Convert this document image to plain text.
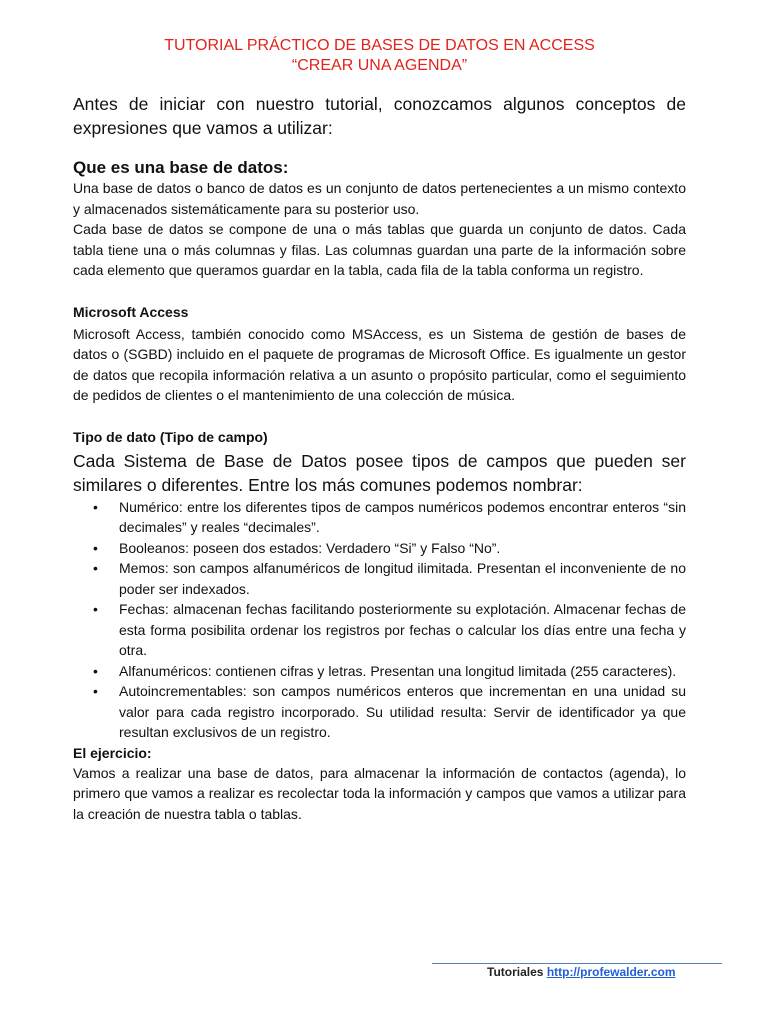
TUTORIAL PRÁCTICO DE BASES DE DATOS EN ACCESS
“CREAR UNA AGENDA”

Antes de iniciar con nuestro tutorial, conozcamos algunos conceptos de expresiones que vamos a utilizar:

Que es una base de datos:

Una base de datos o banco de datos es un conjunto de datos pertenecientes a un mismo contexto y almacenados sistemáticamente para su posterior uso.

Cada base de datos se compone de una o más tablas que guarda un conjunto de datos. Cada tabla tiene una o más columnas y filas. Las columnas guardan una parte de la información sobre cada elemento que queramos guardar en la tabla, cada fila de la tabla conforma un registro.

Microsoft Access

Microsoft Access, también conocido como MSAccess, es un Sistema de gestión de bases de datos o (SGBD) incluido en el paquete de programas de Microsoft Office. Es igualmente un gestor de datos que recopila información relativa a un asunto o propósito particular, como el seguimiento de pedidos de clientes o el mantenimiento de una colección de música.

Tipo de dato (Tipo de campo)

Cada Sistema de Base de Datos posee tipos de campos que pueden ser similares o diferentes. Entre los más comunes podemos nombrar:

• Numérico: entre los diferentes tipos de campos numéricos podemos encontrar enteros “sin decimales” y reales “decimales”.
• Booleanos: poseen dos estados: Verdadero “Si” y Falso “No”.
• Memos: son campos alfanuméricos de longitud ilimitada. Presentan el inconveniente de no poder ser indexados.
• Fechas: almacenan fechas facilitando posteriormente su explotación. Almacenar fechas de esta forma posibilita ordenar los registros por fechas o calcular los días entre una fecha y otra.
• Alfanuméricos: contienen cifras y letras. Presentan una longitud limitada (255 caracteres).
• Autoincrementables: son campos numéricos enteros que incrementan en una unidad su valor para cada registro incorporado. Su utilidad resulta: Servir de identificador ya que resultan exclusivos de un registro.
El ejercicio:

Vamos a realizar una base de datos, para almacenar la información de contactos (agenda), lo primero que vamos a realizar es recolectar toda la información y campos que vamos a utilizar para la creación de nuestra tabla o tablas.

Tutoriales http://profewalder.com
